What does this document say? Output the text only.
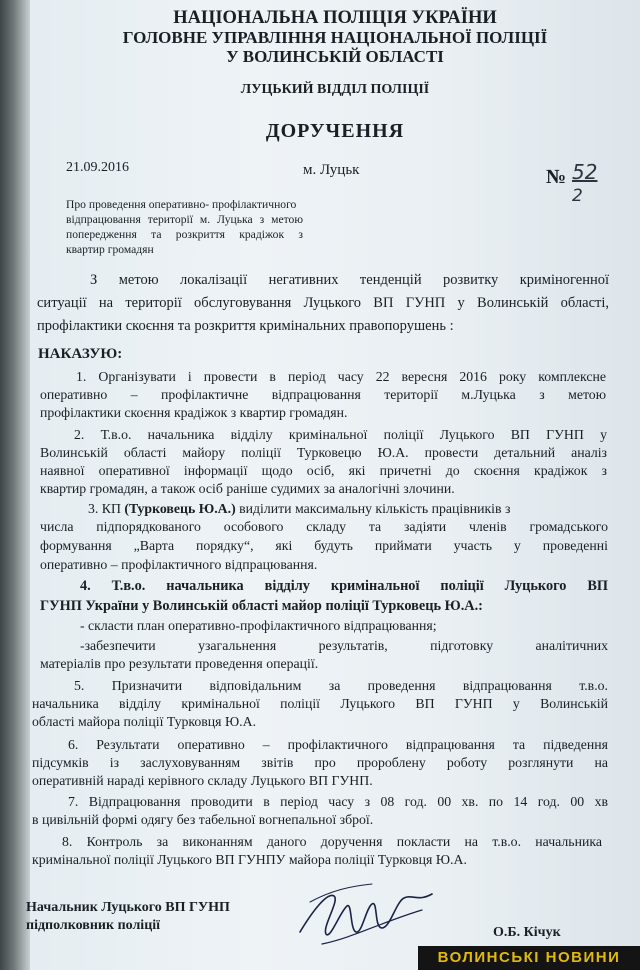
НАЦІОНАЛЬНА ПОЛІЦІЯ УКРАЇНИ
ГОЛОВНЕ УПРАВЛІННЯ НАЦІОНАЛЬНОЇ ПОЛІЦІЇ
У ВОЛИНСЬКІЙ ОБЛАСТІ
ЛУЦЬКИЙ ВІДДІЛ ПОЛІЦІЇ
ДОРУЧЕННЯ
21.09.2016	м. Луцьк	№ 52
2
Про проведення оперативно- профілактичного
відпрацювання території м. Луцька з метою
попередження та розкриття крадіжок з
квартир громадян
З метою локалізації негативних тенденцій розвитку криміногенної
ситуації на території обслуговування Луцького ВП ГУНП у Волинській області,
профілактики скоєння та розкриття кримінальних правопорушень :
НАКАЗУЮ:
1. Організувати і провести в період часу 22 вересня 2016 року комплексне
оперативно – профілактичне відпрацювання території м.Луцька з метою
профілактики скоєння крадіжок з квартир громадян.
2. Т.в.о. начальника відділу кримінальної поліції Луцького ВП ГУНП у
Волинській області майору поліції Турковецю Ю.А. провести детальний аналіз
наявної оперативної інформації щодо осіб, які причетні до скоєння крадіжок з
квартир громадян, а також осіб раніше судимих за аналогічні злочини.
3. КП (Турковець Ю.А.) виділити максимальну кількість працівників з
числа підпорядкованого особового складу та задіяти членів громадського
формування „Варта порядку“, які будуть приймати участь у проведенні
оперативно – профілактичного відпрацювання.
4. Т.в.о. начальника відділу кримінальної поліції Луцького ВП
ГУНП України у Волинській області майор поліції Турковець Ю.А.:
- скласти план оперативно-профілактичного відпрацювання;
-забезпечити узагальнення результатів, підготовку аналітичних
матеріалів про результати проведення операції.
5. Призначити відповідальним за проведення відпрацювання т.в.о.
начальника відділу кримінальної поліції Луцького ВП ГУНП у Волинській
області майора поліції Турковця Ю.А.
6. Результати оперативно – профілактичного відпрацювання та підведення
підсумків із заслуховуванням звітів про пророблену роботу розглянути на
оперативній нараді керівного складу Луцького ВП ГУНП.
7. Відпрацювання проводити в період часу з 08 год. 00 хв. по 14 год. 00 хв
в цивільній формі одягу без табельної вогнепальної зброї.
8. Контроль за виконанням даного доручення покласти на т.в.о. начальника
кримінальної поліції Луцького ВП ГУНПУ майора поліції Турковця Ю.А.
Начальник Луцького ВП ГУНП
підполковник поліції	О.Б. Кічук
ВОЛИНСЬКІ НОВИНИ
